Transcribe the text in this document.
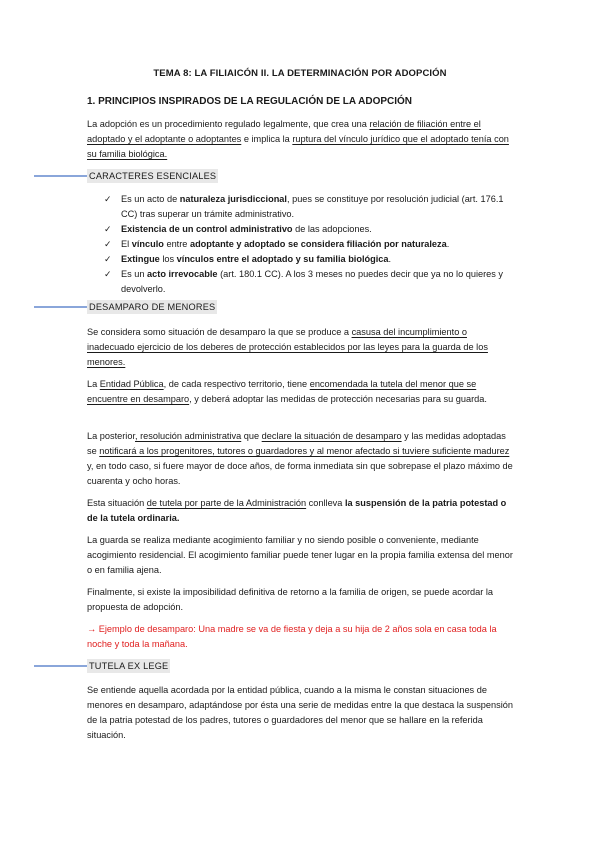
TEMA 8: LA FILIAICÓN II. LA DETERMINACIÓN POR ADOPCIÓN
1. PRINCIPIOS INSPIRADOS DE LA REGULACIÓN DE LA ADOPCIÓN
La adopción es un procedimiento regulado legalmente, que crea una relación de filiación entre el adoptado y el adoptante o adoptantes e implica la ruptura del vínculo jurídico que el adoptado tenía con su familia biológica.
CARACTERES ESENCIALES
✓ Es un acto de naturaleza jurisdiccional, pues se constituye por resolución judicial (art. 176.1 CC) tras superar un trámite administrativo.
✓ Existencia de un control administrativo de las adopciones.
✓ El vínculo entre adoptante y adoptado se considera filiación por naturaleza.
✓ Extingue los vínculos entre el adoptado y su familia biológica.
✓ Es un acto irrevocable (art. 180.1 CC). A los 3 meses no puedes decir que ya no lo quieres y devolverlo.
DESAMPARO DE MENORES
Se considera somo situación de desamparo la que se produce a casusa del incumplimiento o inadecuado ejercicio de los deberes de protección establecidos por las leyes para la guarda de los menores.
La Entidad Pública, de cada respectivo territorio, tiene encomendada la tutela del menor que se encuentre en desamparo, y deberá adoptar las medidas de protección necesarias para su guarda.
La posterior, resolución administrativa que declare la situación de desamparo y las medidas adoptadas se notificará a los progenitores, tutores o guardadores y al menor afectado si tuviere suficiente madurez y, en todo caso, si fuere mayor de doce años, de forma inmediata sin que sobrepase el plazo máximo de cuarenta y ocho horas.
Esta situación de tutela por parte de la Administración conlleva la suspensión de la patria potestad o de la tutela ordinaria.
La guarda se realiza mediante acogimiento familiar y no siendo posible o conveniente, mediante acogimiento residencial. El acogimiento familiar puede tener lugar en la propia familia extensa del menor o en familia ajena.
Finalmente, si existe la imposibilidad definitiva de retorno a la familia de origen, se puede acordar la propuesta de adopción.
→ Ejemplo de desamparo: Una madre se va de fiesta y deja a su hija de 2 años sola en casa toda la noche y toda la mañana.
TUTELA EX LEGE
Se entiende aquella acordada por la entidad pública, cuando a la misma le constan situaciones de menores en desamparo, adaptándose por ésta una serie de medidas entre la que destaca la suspensión de la patria potestad de los padres, tutores o guardadores del menor que se hallare en la referida situación.
